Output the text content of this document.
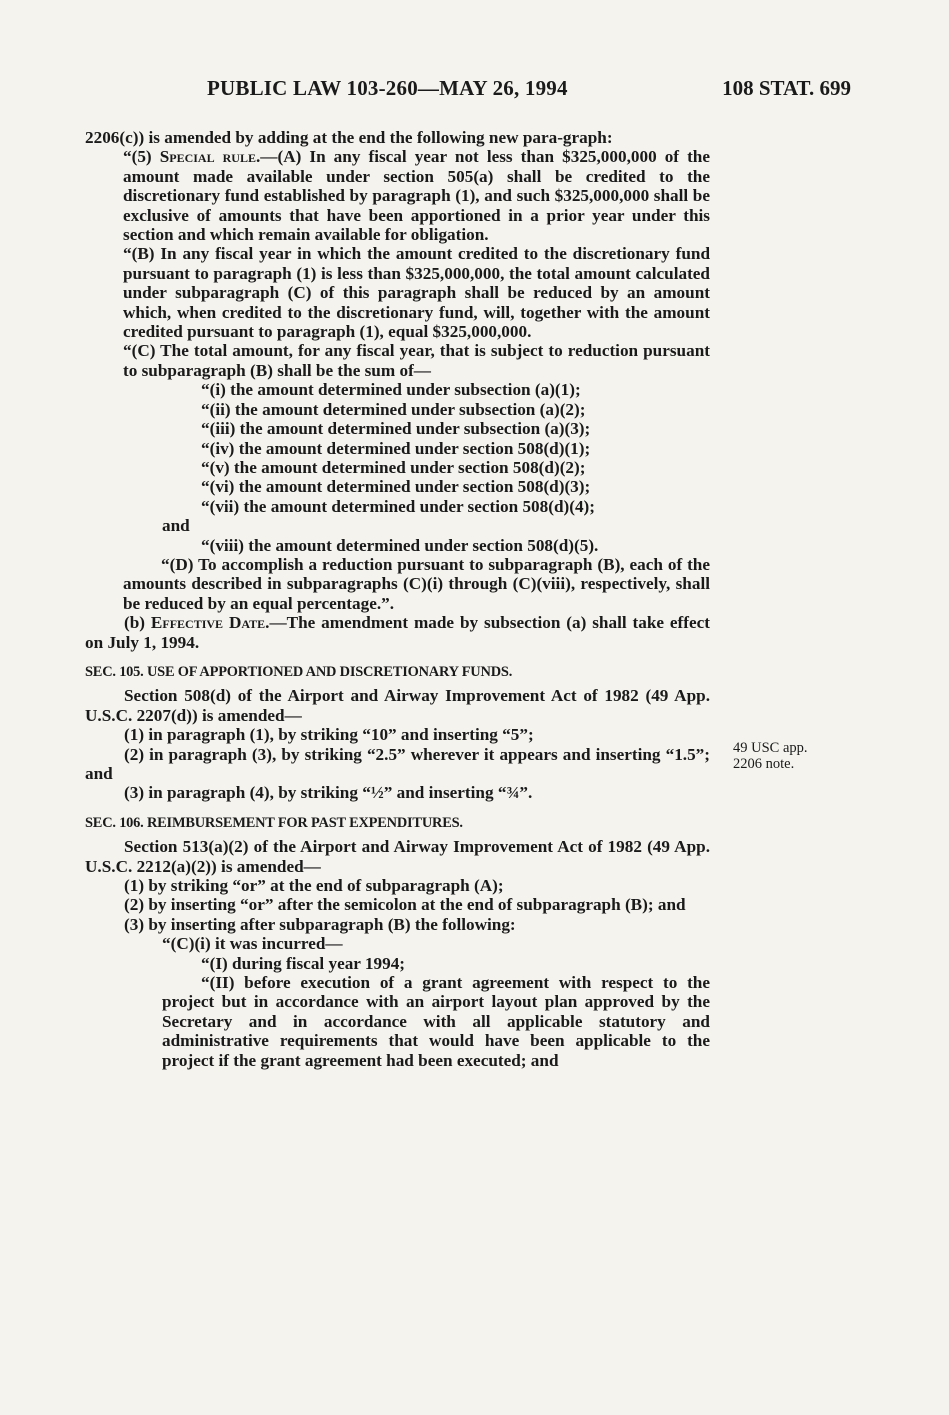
PUBLIC LAW 103-260—MAY 26, 1994	108 STAT. 699

2206(c)) is amended by adding at the end the following new para-graph:

“(5) Special rule.—(A) In any fiscal year not less than $325,000,000 of the amount made available under section 505(a) shall be credited to the discretionary fund established by paragraph (1), and such $325,000,000 shall be exclusive of amounts that have been apportioned in a prior year under this section and which remain available for obligation.

“(B) In any fiscal year in which the amount credited to the discretionary fund pursuant to paragraph (1) is less than $325,000,000, the total amount calculated under subparagraph (C) of this paragraph shall be reduced by an amount which, when credited to the discretionary fund, will, together with the amount credited pursuant to paragraph (1), equal $325,000,000.

“(C) The total amount, for any fiscal year, that is subject to reduction pursuant to subparagraph (B) shall be the sum of—

“(i) the amount determined under subsection (a)(1);

“(ii) the amount determined under subsection (a)(2);

“(iii) the amount determined under subsection (a)(3);

“(iv) the amount determined under section 508(d)(1);

“(v) the amount determined under section 508(d)(2);

“(vi) the amount determined under section 508(d)(3);

“(vii) the amount determined under section 508(d)(4);

and

“(viii) the amount determined under section 508(d)(5).

“(D) To accomplish a reduction pursuant to subparagraph (B), each of the amounts described in subparagraphs (C)(i) through (C)(viii), respectively, shall be reduced by an equal percentage.”.

(b) Effective Date.—The amendment made by subsection (a) shall take effect on July 1, 1994.

SEC. 105. USE OF APPORTIONED AND DISCRETIONARY FUNDS.

Section 508(d) of the Airport and Airway Improvement Act of 1982 (49 App. U.S.C. 2207(d)) is amended—

(1) in paragraph (1), by striking “10” and inserting “5”;

(2) in paragraph (3), by striking “2.5” wherever it appears and inserting “1.5”; and

(3) in paragraph (4), by striking “½” and inserting “¾”.

SEC. 106. REIMBURSEMENT FOR PAST EXPENDITURES.

Section 513(a)(2) of the Airport and Airway Improvement Act of 1982 (49 App. U.S.C. 2212(a)(2)) is amended—

(1) by striking “or” at the end of subparagraph (A);

(2) by inserting “or” after the semicolon at the end of subparagraph (B); and

(3) by inserting after subparagraph (B) the following:

“(C)(i) it was incurred—

“(I) during fiscal year 1994;

“(II) before execution of a grant agreement with respect to the project but in accordance with an airport layout plan approved by the Secretary and in accordance with all applicable statutory and administrative requirements that would have been applicable to the project if the grant agreement had been executed; and

49 USC app.
2206 note.
